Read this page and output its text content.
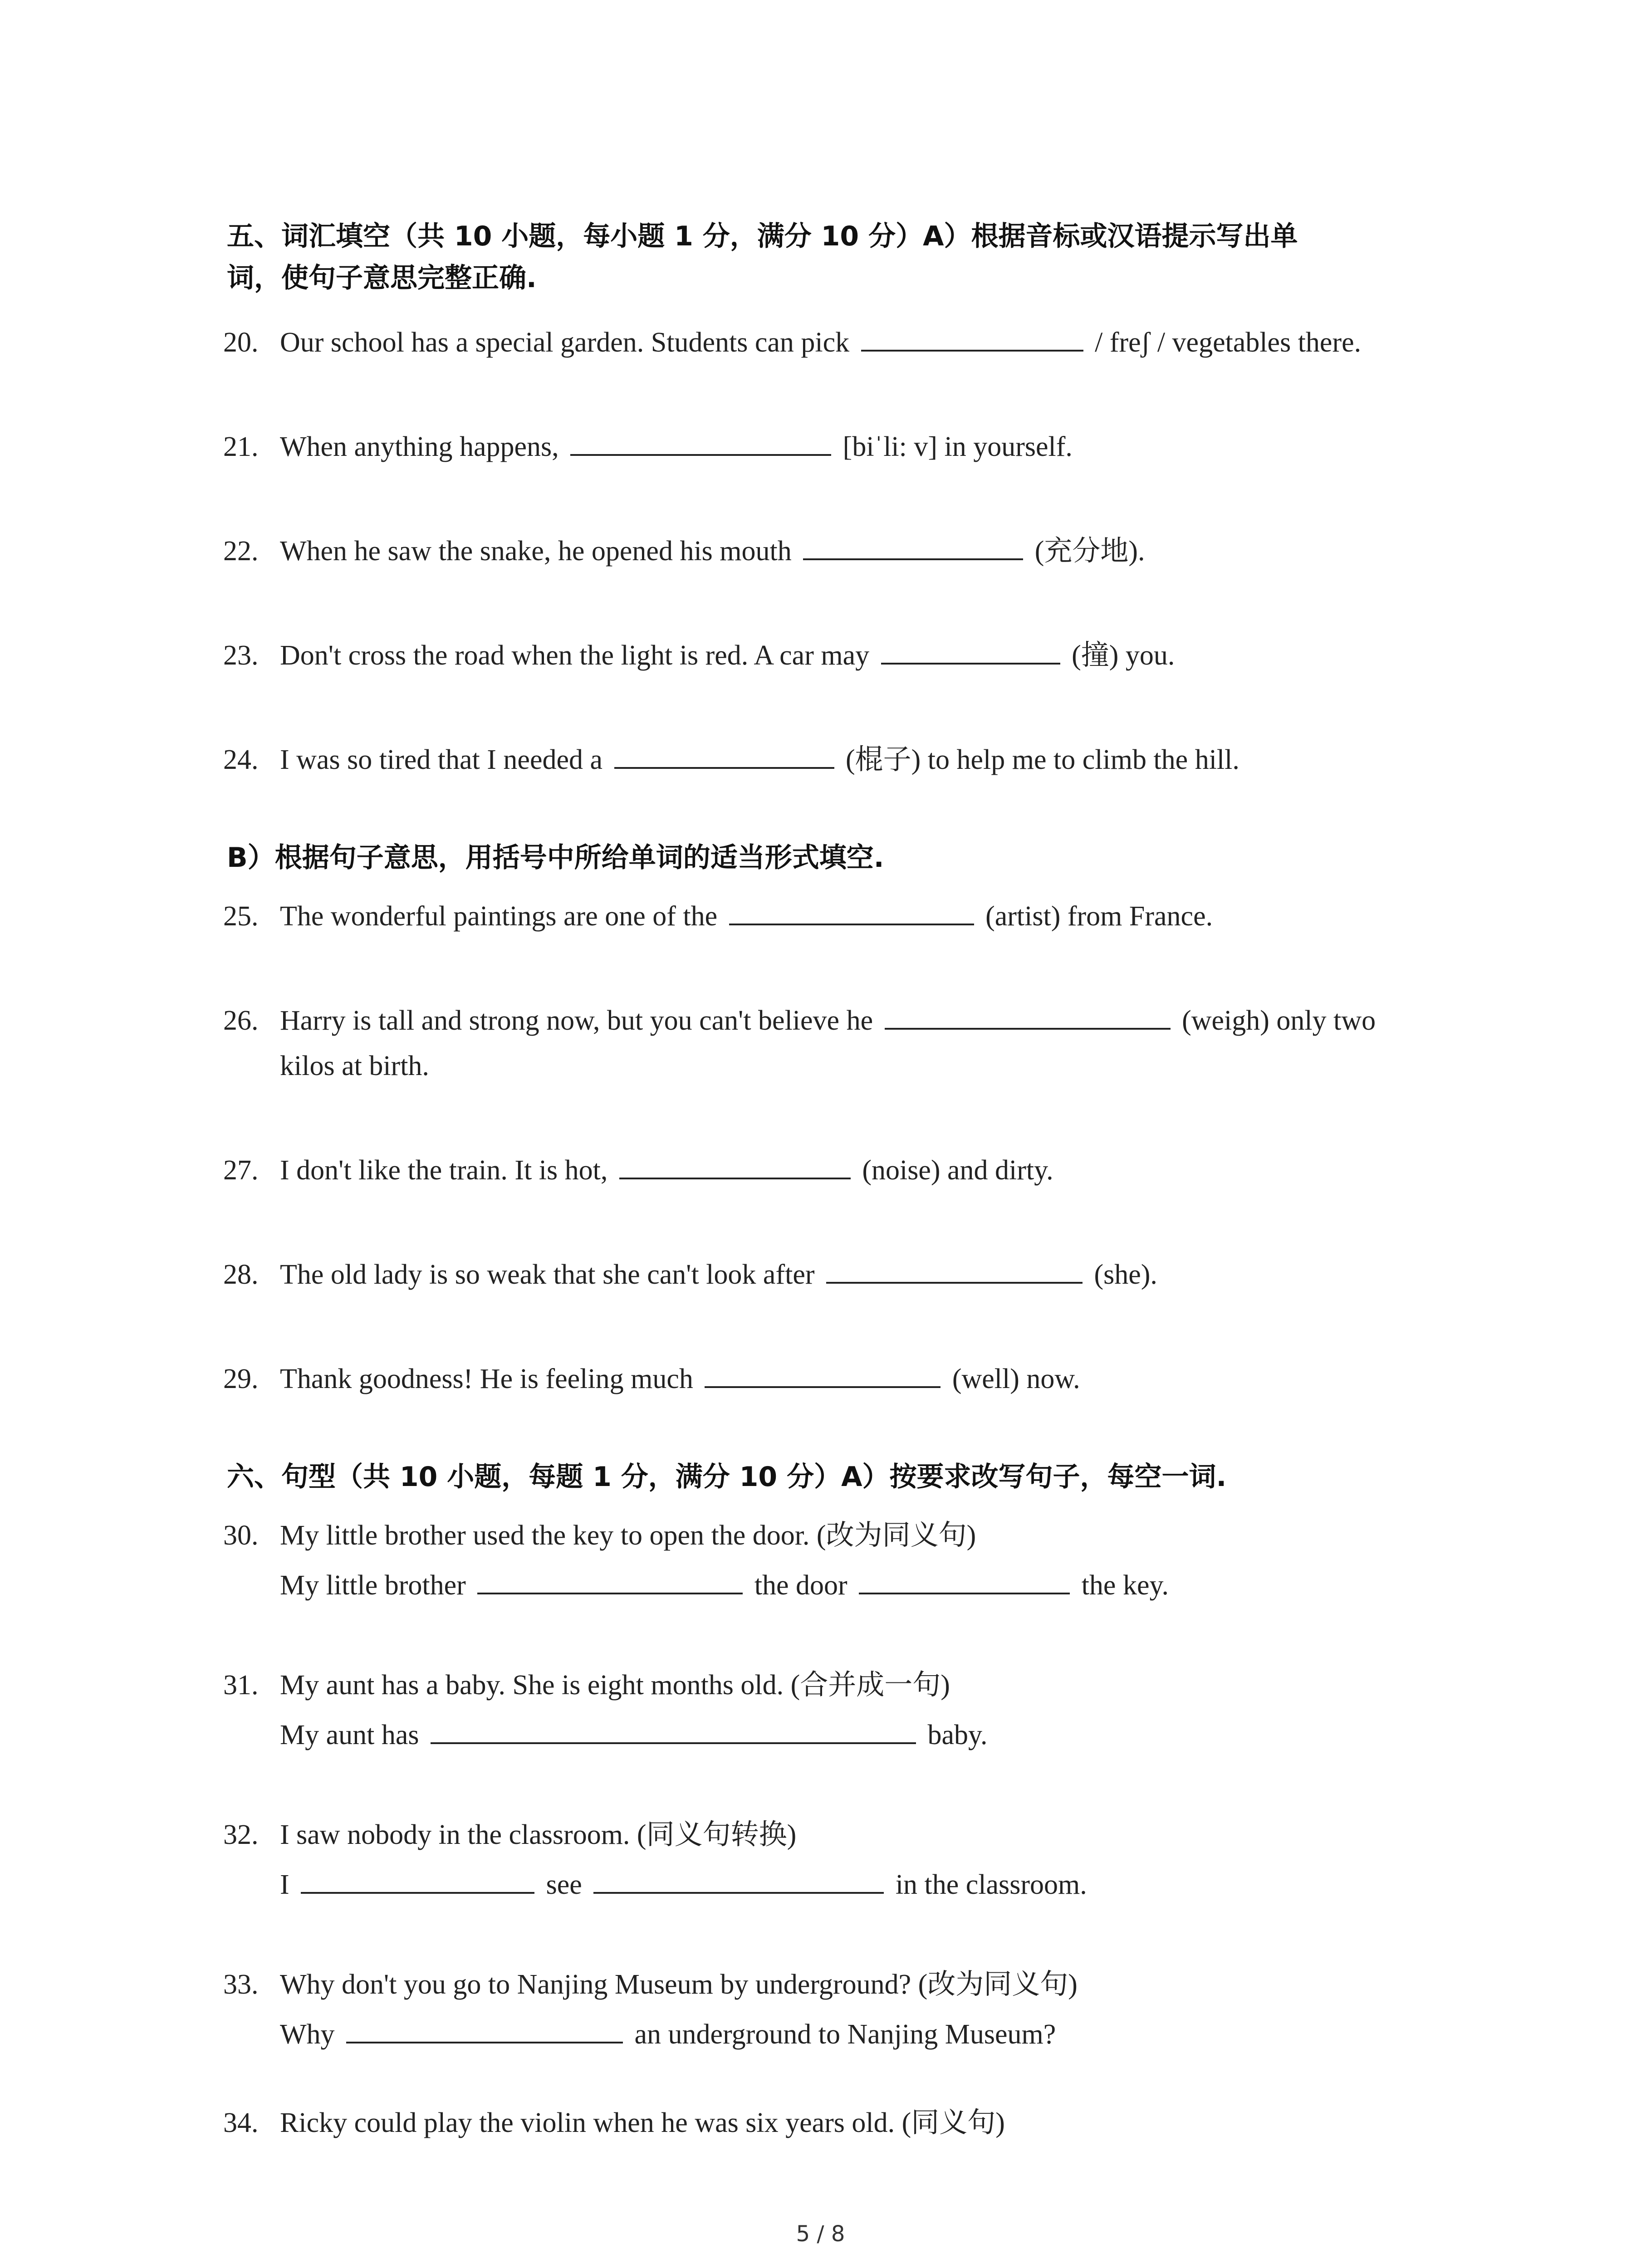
五、词汇填空（共 10 小题，每小题 1 分，满分 10 分）A）根据音标或汉语提示写出单
词，使句子意思完整正确.
20. Our school has a special garden. Students can pick	/ freʃ / vegetables there.
21. When anything happens,	[biˈli: v] in yourself.
22. When he saw the snake, he opened his mouth	(充分地).
23. Don't cross the road when the light is red. A car may	(撞) you.
24. I was so tired that I needed a	(棍子) to help me to climb the hill.
B）根据句子意思，用括号中所给单词的适当形式填空.
25. The wonderful paintings are one of the	(artist) from France.
26. Harry is tall and strong now, but you can't believe he	(weigh) only two
kilos at birth.
27. I don't like the train. It is hot,	(noise) and dirty.
28. The old lady is so weak that she can't look after	(she).
29. Thank goodness! He is feeling much	(well) now.
六、句型（共 10 小题，每题 1 分，满分 10 分）A）按要求改写句子，每空一词.
30. My little brother used the key to open the door. (改为同义句)
My little brother	the door	the key.
31. My aunt has a baby. She is eight months old. (合并成一句)
My aunt has	baby.
32. I saw nobody in the classroom. (同义句转换)
I	see	in the classroom.
33. Why don't you go to Nanjing Museum by underground? (改为同义句)
Why	an underground to Nanjing Museum?
34. Ricky could play the violin when he was six years old. (同义句)
5 / 8
